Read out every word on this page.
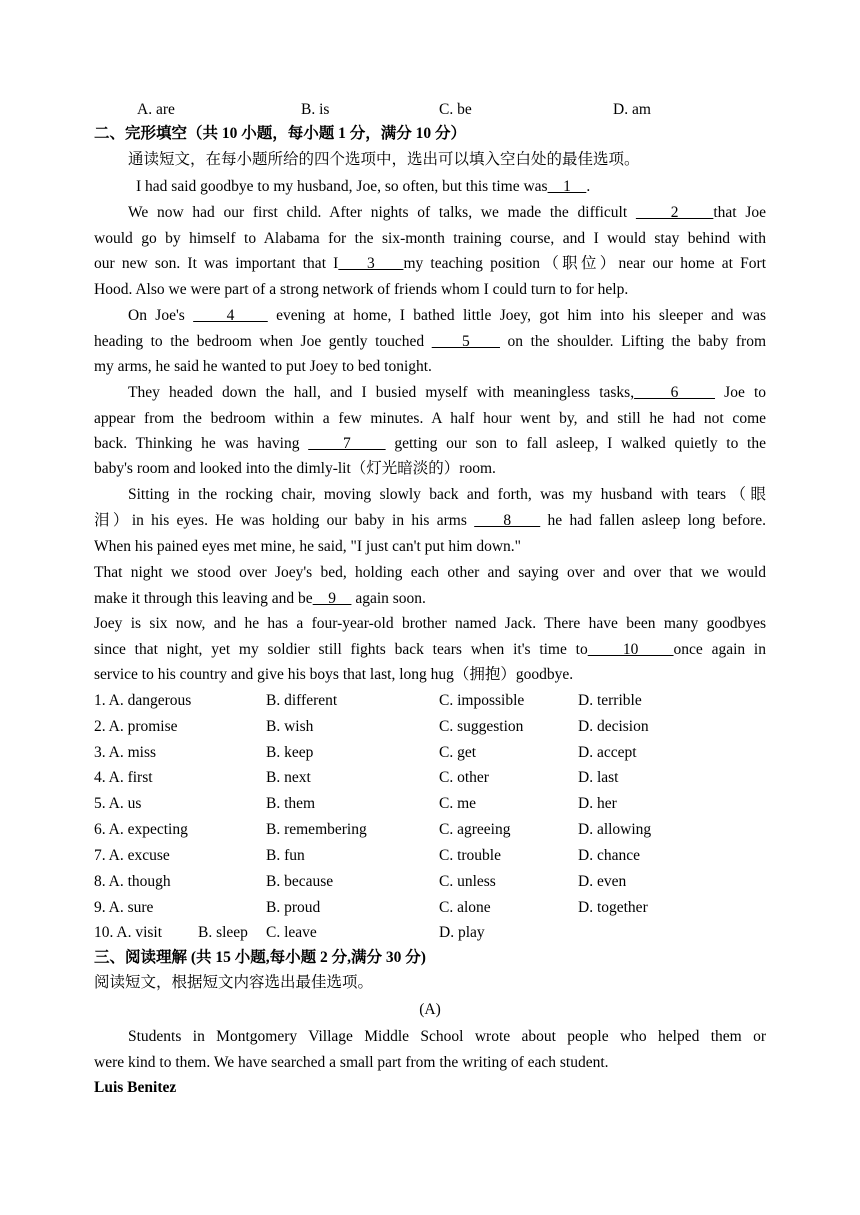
A. are	B. is	C. be	D. am
二、完形填空（共 10 小题，每小题 1 分，满分 10 分）
通读短文，在每小题所给的四个选项中，选出可以填入空白处的最佳选项。
I had said goodbye to my husband, Joe, so often, but this time was    1    .
We now had our first child. After nights of talks, we made the difficult     2    that Joe
would go by himself to Alabama for the six-month training course, and I would stay behind with
our new son. It was important that I    3    my teaching position（职位）near our home at Fort
Hood. Also we were part of a strong network of friends whom I could turn to for help.
On Joe's     4     evening at home, I bathed little Joey, got him into his sleeper and was
heading to the bedroom when Joe gently touched     5     on the shoulder. Lifting the baby from
my arms, he said he wanted to put Joey to bed tonight.
They headed down the hall, and I busied myself with meaningless tasks,    6     Joe to
appear from the bedroom within a few minutes. A half hour went by, and still he had not come
back. Thinking he was having     7     getting our son to fall asleep, I walked quietly to the
baby's room and looked into the dimly-lit（灯光暗淡的）room.
Sitting in the rocking chair, moving slowly back and forth, was my husband with tears（眼
泪）in his eyes. He was holding our baby in his arms     8     he had fallen asleep long before.
When his pained eyes met mine, he said, "I just can't put him down."
That night we stood over Joey's bed, holding each other and saying over and over that we would
make it through this leaving and be    9     again soon.
Joey is six now, and he has a four-year-old brother named Jack. There have been many goodbyes
since that night, yet my soldier still fights back tears when it's time to    10    once again in
service to his country and give his boys that last, long hug（拥抱）goodbye.
1. A. dangerous	B. different	C. impossible	D. terrible
2. A. promise	B. wish	C. suggestion	D. decision
3. A. miss	B. keep	C. get	D. accept
4. A. first	B. next	C. other	D. last
5. A. us	B. them	C. me	D. her
6. A. expecting	B. remembering	C. agreeing	D. allowing
7. A. excuse	B. fun	C. trouble	D. chance
8. A. though	B. because	C. unless	D. even
9. A. sure	B. proud	C. alone	D. together
10. A. visit B. sleep C. leave	D. play
三、阅读理解 (共 15 小题,每小题 2 分,满分 30 分)
阅读短文，根据短文内容选出最佳选项。
(A)
Students in Montgomery Village Middle School wrote about people who helped them or
were kind to them. We have searched a small part from the writing of each student.
Luis Benitez
